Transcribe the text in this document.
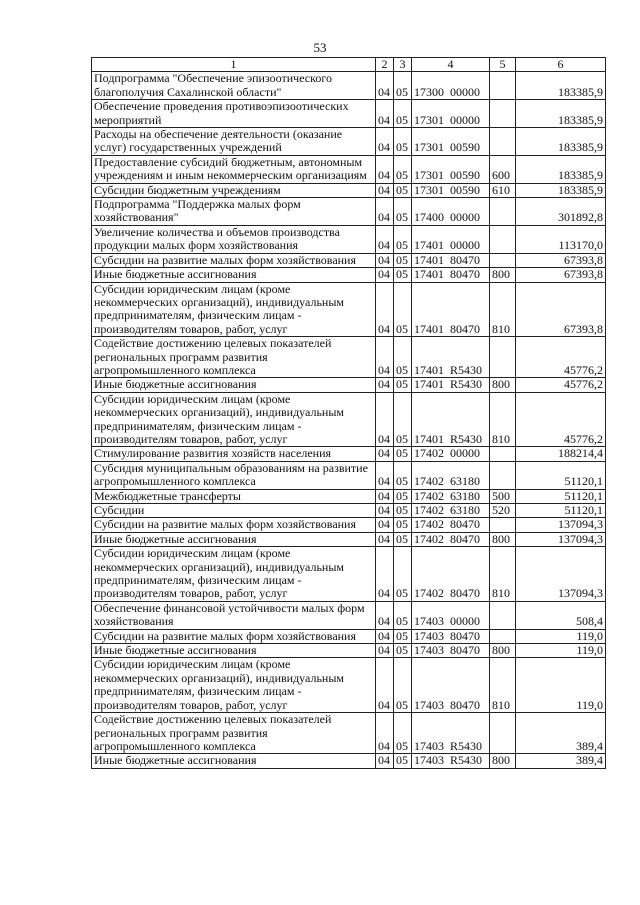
53
1	2	3	4	5	6
Подпрограмма "Обеспечение эпизоотического благополучия Сахалинской области"	04	05	17300  00000		183385,9
Обеспечение проведения противоэпизоотических мероприятий	04	05	17301  00000		183385,9
Расходы на обеспечение деятельности (оказание услуг) государственных учреждений	04	05	17301  00590		183385,9
Предоставление субсидий бюджетным, автономным учреждениям и иным некоммерческим организациям	04	05	17301  00590	600	183385,9
Субсидии бюджетным учреждениям	04	05	17301  00590	610	183385,9
Подпрограмма "Поддержка малых форм хозяйствования"	04	05	17400  00000		301892,8
Увеличение количества и объемов производства продукции малых форм хозяйствования	04	05	17401  00000		113170,0
Субсидии на развитие малых форм хозяйствования	04	05	17401  80470		67393,8
Иные бюджетные ассигнования	04	05	17401  80470	800	67393,8
Субсидии юридическим лицам (кроме некоммерческих организаций), индивидуальным предпринимателям, физическим лицам - производителям товаров, работ, услуг	04	05	17401  80470	810	67393,8
Содействие достижению целевых показателей региональных программ развития агропромышленного комплекса	04	05	17401  R5430		45776,2
Иные бюджетные ассигнования	04	05	17401  R5430	800	45776,2
Субсидии юридическим лицам (кроме некоммерческих организаций), индивидуальным предпринимателям, физическим лицам - производителям товаров, работ, услуг	04	05	17401  R5430	810	45776,2
Стимулирование развития хозяйств населения	04	05	17402  00000		188214,4
Субсидия муниципальным образованиям на развитие агропромышленного комплекса	04	05	17402  63180		51120,1
Межбюджетные трансферты	04	05	17402  63180	500	51120,1
Субсидии	04	05	17402  63180	520	51120,1
Субсидии на развитие малых форм хозяйствования	04	05	17402  80470		137094,3
Иные бюджетные ассигнования	04	05	17402  80470	800	137094,3
Субсидии юридическим лицам (кроме некоммерческих организаций), индивидуальным предпринимателям, физическим лицам - производителям товаров, работ, услуг	04	05	17402  80470	810	137094,3
Обеспечение финансовой устойчивости малых форм хозяйствования	04	05	17403  00000		508,4
Субсидии на развитие малых форм хозяйствования	04	05	17403  80470		119,0
Иные бюджетные ассигнования	04	05	17403  80470	800	119,0
Субсидии юридическим лицам (кроме некоммерческих организаций), индивидуальным предпринимателям, физическим лицам - производителям товаров, работ, услуг	04	05	17403  80470	810	119,0
Содействие достижению целевых показателей региональных программ развития агропромышленного комплекса	04	05	17403  R5430		389,4
Иные бюджетные ассигнования	04	05	17403  R5430	800	389,4
